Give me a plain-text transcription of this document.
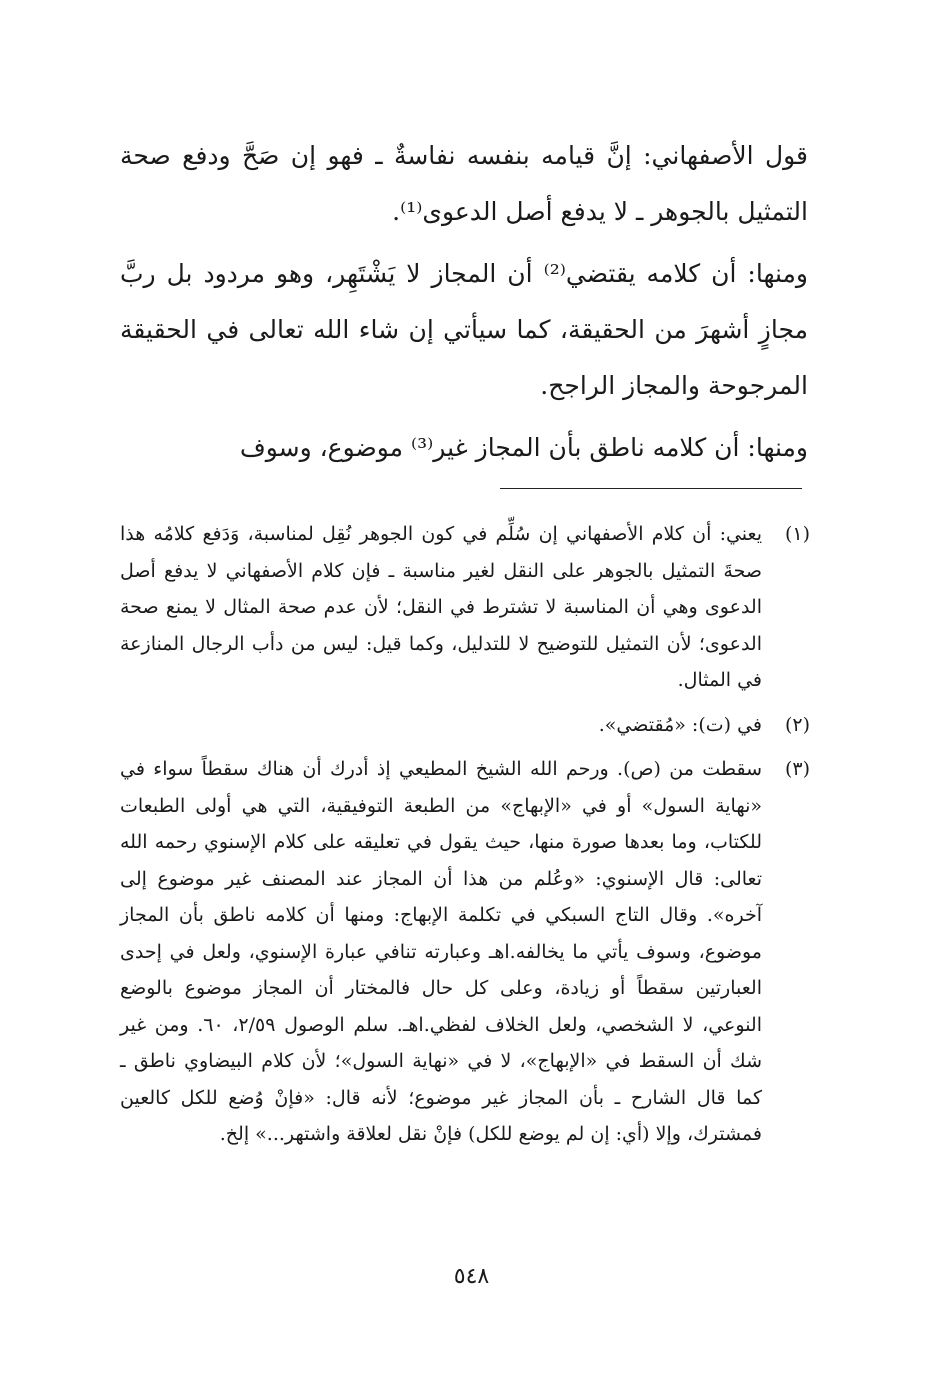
قول الأصفهاني: إنَّ قيامه بنفسه نفاسةٌ ـ فهو إن صَحَّ ودفع صحة التمثيل بالجوهر ـ لا يدفع أصل الدعوى⁽¹⁾.

ومنها: أن كلامه يقتضي⁽²⁾ أن المجاز لا يَشْتَهِر، وهو مردود بل ربَّ مجازٍ أشهرَ من الحقيقة، كما سيأتي إن شاء الله تعالى في الحقيقة المرجوحة والمجاز الراجح.

ومنها: أن كلامه ناطق بأن المجاز غير⁽³⁾ موضوع، وسوف

(١)
يعني: أن كلام الأصفهاني إن سُلِّم في كون الجوهر نُقِل لمناسبة، وَدَفع كلامُه هذا صحةَ التمثيل بالجوهر على النقل لغير مناسبة ـ فإن كلام الأصفهاني لا يدفع أصل الدعوى وهي أن المناسبة لا تشترط في النقل؛ لأن عدم صحة المثال لا يمنع صحة الدعوى؛ لأن التمثيل للتوضيح لا للتدليل، وكما قيل: ليس من دأب الرجال المنازعة في المثال.
(٢)
في (ت): «مُقتضي».
(٣)
سقطت من (ص). ورحم الله الشيخ المطيعي إذ أدرك أن هناك سقطاً سواء في «نهاية السول» أو في «الإبهاج» من الطبعة التوفيقية، التي هي أولى الطبعات للكتاب، وما بعدها صورة منها، حيث يقول في تعليقه على كلام الإسنوي رحمه الله تعالى: قال الإسنوي: «وعُلم من هذا أن المجاز عند المصنف غير موضوع إلى آخره». وقال التاج السبكي في تكلمة الإبهاج: ومنها أن كلامه ناطق بأن المجاز موضوع، وسوف يأتي ما يخالفه.اهـ وعبارته تنافي عبارة الإسنوي، ولعل في إحدى العبارتين سقطاً أو زيادة، وعلى كل حال فالمختار أن المجاز موضوع بالوضع النوعي، لا الشخصي، ولعل الخلاف لفظي.اهـ. سلم الوصول ٢/٥٩، ٦٠. ومن غير شك أن السقط في «الإبهاج»، لا في «نهاية السول»؛ لأن كلام البيضاوي ناطق ـ كما قال الشارح ـ بأن المجاز غير موضوع؛ لأنه قال: «فإنْ وُضع للكل كالعين فمشترك، وإلا (أي: إن لم يوضع للكل) فإنْ نقل لعلاقة واشتهر...» إلخ.
٥٤٨
